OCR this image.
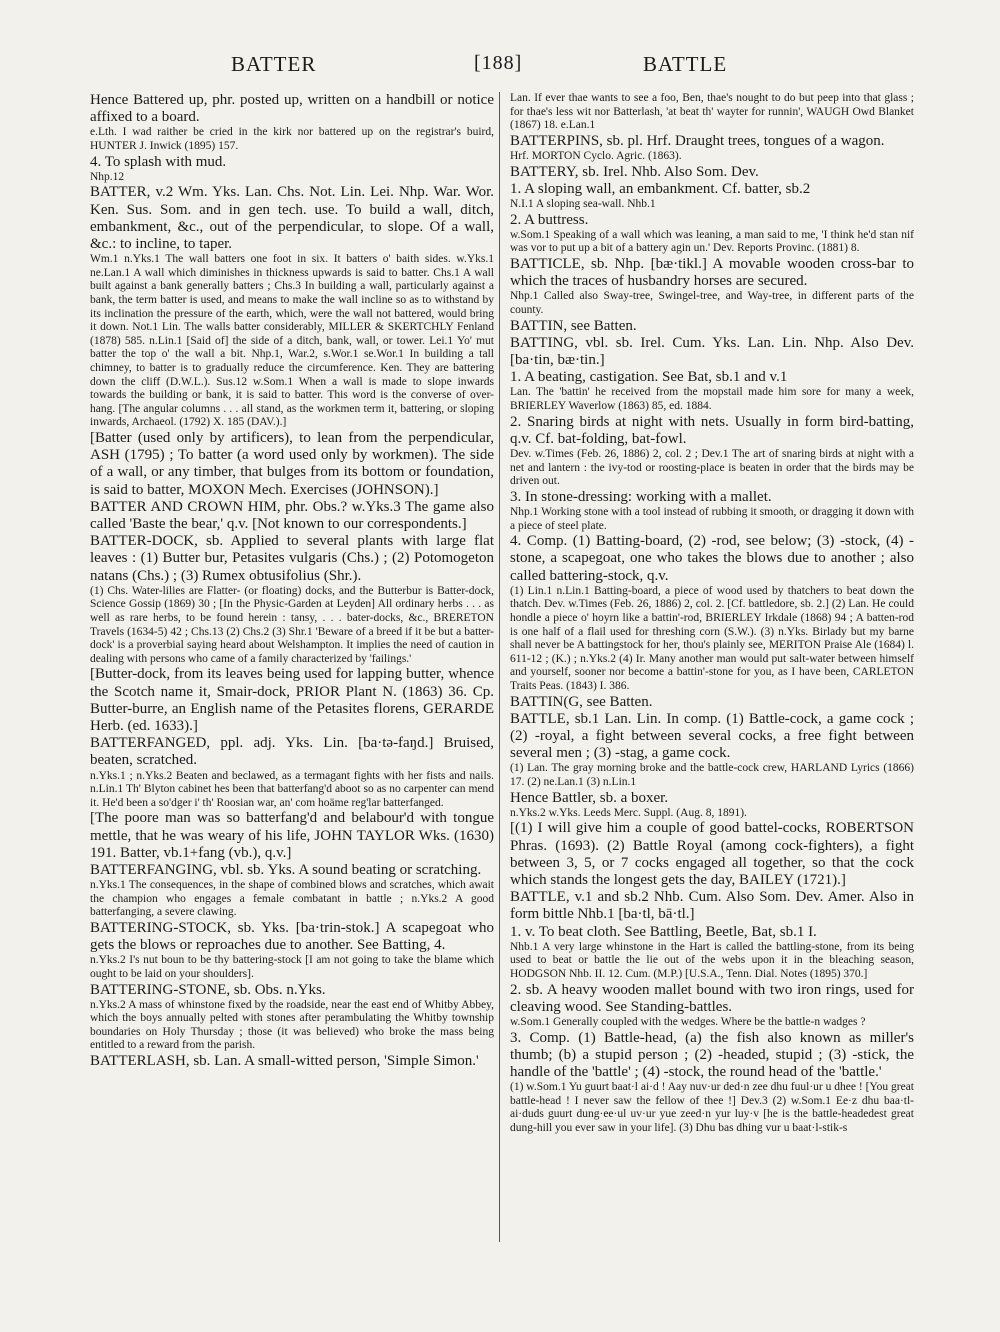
BATTER	[188]	BATTLE

Hence Battered up, phr. posted up, written on a handbill or notice affixed to a board.

e.Lth. I wad raither be cried in the kirk nor battered up on the registrar's buird, HUNTER J. Inwick (1895) 157.

4. To splash with mud.

Nhp.12

BATTER, v.2 Wm. Yks. Lan. Chs. Not. Lin. Lei. Nhp. War. Wor. Ken. Sus. Som. and in gen tech. use. To build a wall, ditch, embankment, &c., out of the perpendicular, to slope. Of a wall, &c.: to incline, to taper.

Wm.1 n.Yks.1 The wall batters one foot in six. It batters o' baith sides. w.Yks.1 ne.Lan.1 A wall which diminishes in thickness upwards is said to batter. Chs.1 A wall built against a bank generally batters ; Chs.3 In building a wall, particularly against a bank, the term batter is used, and means to make the wall incline so as to withstand by its inclination the pressure of the earth, which, were the wall not battered, would bring it down. Not.1 Lin. The walls batter considerably, MILLER & SKERTCHLY Fenland (1878) 585. n.Lin.1 [Said of] the side of a ditch, bank, wall, or tower. Lei.1 Yo' mut batter the top o' the wall a bit. Nhp.1, War.2, s.Wor.1 se.Wor.1 In building a tall chimney, to batter is to gradually reduce the circumference. Ken. They are battering down the cliff (D.W.L.). Sus.12 w.Som.1 When a wall is made to slope inwards towards the building or bank, it is said to batter. This word is the converse of over-hang. [The angular columns . . . all stand, as the workmen term it, battering, or sloping inwards, Archaeol. (1792) X. 185 (DAV.).]

[Batter (used only by artificers), to lean from the perpendicular, ASH (1795) ; To batter (a word used only by workmen). The side of a wall, or any timber, that bulges from its bottom or foundation, is said to batter, MOXON Mech. Exercises (JOHNSON).]

BATTER AND CROWN HIM, phr. Obs.? w.Yks.3 The game also called 'Baste the bear,' q.v. [Not known to our correspondents.]

BATTER-DOCK, sb. Applied to several plants with large flat leaves : (1) Butter bur, Petasites vulgaris (Chs.) ; (2) Potomogeton natans (Chs.) ; (3) Rumex obtusifolius (Shr.).

(1) Chs. Water-lilies are Flatter- (or floating) docks, and the Butterbur is Batter-dock, Science Gossip (1869) 30 ; [In the Physic-Garden at Leyden] All ordinary herbs . . . as well as rare herbs, to be found herein : tansy, . . . bater-docks, &c., BRERETON Travels (1634-5) 42 ; Chs.13 (2) Chs.2 (3) Shr.1 'Beware of a breed if it be but a batter-dock' is a proverbial saying heard about Welshampton. It implies the need of caution in dealing with persons who came of a family characterized by 'failings.'

[Butter-dock, from its leaves being used for lapping butter, whence the Scotch name it, Smair-dock, PRIOR Plant N. (1863) 36. Cp. Butter-burre, an English name of the Petasites florens, GERARDE Herb. (ed. 1633).]

BATTERFANGED, ppl. adj. Yks. Lin. [ba·tə-faŋd.] Bruised, beaten, scratched.

n.Yks.1 ; n.Yks.2 Beaten and beclawed, as a termagant fights with her fists and nails. n.Lin.1 Th' Blyton cabinet hes been that batterfang'd aboot so as no carpenter can mend it. He'd been a so'dger i' th' Roosian war, an' com hoäme reg'lar batterfanged.

[The poore man was so batterfang'd and belabour'd with tongue mettle, that he was weary of his life, JOHN TAYLOR Wks. (1630) 191. Batter, vb.1+fang (vb.), q.v.]

BATTERFANGING, vbl. sb. Yks. A sound beating or scratching.

n.Yks.1 The consequences, in the shape of combined blows and scratches, which await the champion who engages a female combatant in battle ; n.Yks.2 A good batterfanging, a severe clawing.

BATTERING-STOCK, sb. Yks. [ba·trin-stok.] A scapegoat who gets the blows or reproaches due to another. See Batting, 4.

n.Yks.2 I's nut boun to be thy battering-stock [I am not going to take the blame which ought to be laid on your shoulders].

BATTERING-STONE, sb. Obs. n.Yks.

n.Yks.2 A mass of whinstone fixed by the roadside, near the east end of Whitby Abbey, which the boys annually pelted with stones after perambulating the Whitby township boundaries on Holy Thursday ; those (it was believed) who broke the mass being entitled to a reward from the parish.

BATTERLASH, sb. Lan. A small-witted person, 'Simple Simon.'

Lan. If ever thae wants to see a foo, Ben, thae's nought to do but peep into that glass ; for thae's less wit nor Batterlash, 'at beat th' wayter for runnin', WAUGH Owd Blanket (1867) 18. e.Lan.1

BATTERPINS, sb. pl. Hrf. Draught trees, tongues of a wagon.

Hrf. MORTON Cyclo. Agric. (1863).

BATTERY, sb. Irel. Nhb. Also Som. Dev.

1. A sloping wall, an embankment. Cf. batter, sb.2

N.I.1 A sloping sea-wall. Nhb.1

2. A buttress.

w.Som.1 Speaking of a wall which was leaning, a man said to me, 'I think he'd stan nif was vor to put up a bit of a battery agin un.' Dev. Reports Provinc. (1881) 8.

BATTICLE, sb. Nhp. [bæ·tikl.] A movable wooden cross-bar to which the traces of husbandry horses are secured.

Nhp.1 Called also Sway-tree, Swingel-tree, and Way-tree, in different parts of the county.

BATTIN, see Batten.

BATTING, vbl. sb. Irel. Cum. Yks. Lan. Lin. Nhp. Also Dev. [ba·tin, bæ·tin.]

1. A beating, castigation. See Bat, sb.1 and v.1

Lan. The 'battin' he received from the mopstail made him sore for many a week, BRIERLEY Waverlow (1863) 85, ed. 1884.

2. Snaring birds at night with nets. Usually in form bird-batting, q.v. Cf. bat-folding, bat-fowl.

Dev. w.Times (Feb. 26, 1886) 2, col. 2 ; Dev.1 The art of snaring birds at night with a net and lantern : the ivy-tod or roosting-place is beaten in order that the birds may be driven out.

3. In stone-dressing: working with a mallet.

Nhp.1 Working stone with a tool instead of rubbing it smooth, or dragging it down with a piece of steel plate.

4. Comp. (1) Batting-board, (2) -rod, see below; (3) -stock, (4) -stone, a scapegoat, one who takes the blows due to another ; also called battering-stock, q.v.

(1) Lin.1 n.Lin.1 Batting-board, a piece of wood used by thatchers to beat down the thatch. Dev. w.Times (Feb. 26, 1886) 2, col. 2. [Cf. battledore, sb. 2.] (2) Lan. He could hondle a piece o' hoyrn like a battin'-rod, BRIERLEY Irkdale (1868) 94 ; A batten-rod is one half of a flail used for threshing corn (S.W.). (3) n.Yks. Birlady but my barne shall never be A battingstock for her, thou's plainly see, MERITON Praise Ale (1684) l. 611-12 ; (K.) ; n.Yks.2 (4) Ir. Many another man would put salt-water between himself and yourself, sooner nor become a battin'-stone for you, as I have been, CARLETON Traits Peas. (1843) I. 386.

BATTIN(G, see Batten.

BATTLE, sb.1 Lan. Lin. In comp. (1) Battle-cock, a game cock ; (2) -royal, a fight between several cocks, a free fight between several men ; (3) -stag, a game cock.

(1) Lan. The gray morning broke and the battle-cock crew, HARLAND Lyrics (1866) 17. (2) ne.Lan.1 (3) n.Lin.1

Hence Battler, sb. a boxer.

n.Yks.2 w.Yks. Leeds Merc. Suppl. (Aug. 8, 1891).

[(1) I will give him a couple of good battel-cocks, ROBERTSON Phras. (1693). (2) Battle Royal (among cock-fighters), a fight between 3, 5, or 7 cocks engaged all together, so that the cock which stands the longest gets the day, BAILEY (1721).]

BATTLE, v.1 and sb.2 Nhb. Cum. Also Som. Dev. Amer. Also in form bittle Nhb.1 [ba·tl, bā·tl.]

1. v. To beat cloth. See Battling, Beetle, Bat, sb.1 I.

Nhb.1 A very large whinstone in the Hart is called the battling-stone, from its being used to beat or battle the lie out of the webs upon it in the bleaching season, HODGSON Nhb. II. 12. Cum. (M.P.) [U.S.A., Tenn. Dial. Notes (1895) 370.]

2. sb. A heavy wooden mallet bound with two iron rings, used for cleaving wood. See Standing-battles.

w.Som.1 Generally coupled with the wedges. Where be the battle-n wadges ?

3. Comp. (1) Battle-head, (a) the fish also known as miller's thumb; (b) a stupid person ; (2) -headed, stupid ; (3) -stick, the handle of the 'battle' ; (4) -stock, the round head of the 'battle.'

(1) w.Som.1 Yu guurt baat·l ai·d ! Aay nuv·ur ded·n zee dhu fuul·ur u dhee ! [You great battle-head ! I never saw the fellow of thee !] Dev.3 (2) w.Som.1 Ee·z dhu baa·tl-ai·duds guurt dung·ee·ul uv·ur yue zeed·n yur luy·v [he is the battle-headedest great dung-hill you ever saw in your life]. (3) Dhu bas dhing vur u baat·l-stik-s
